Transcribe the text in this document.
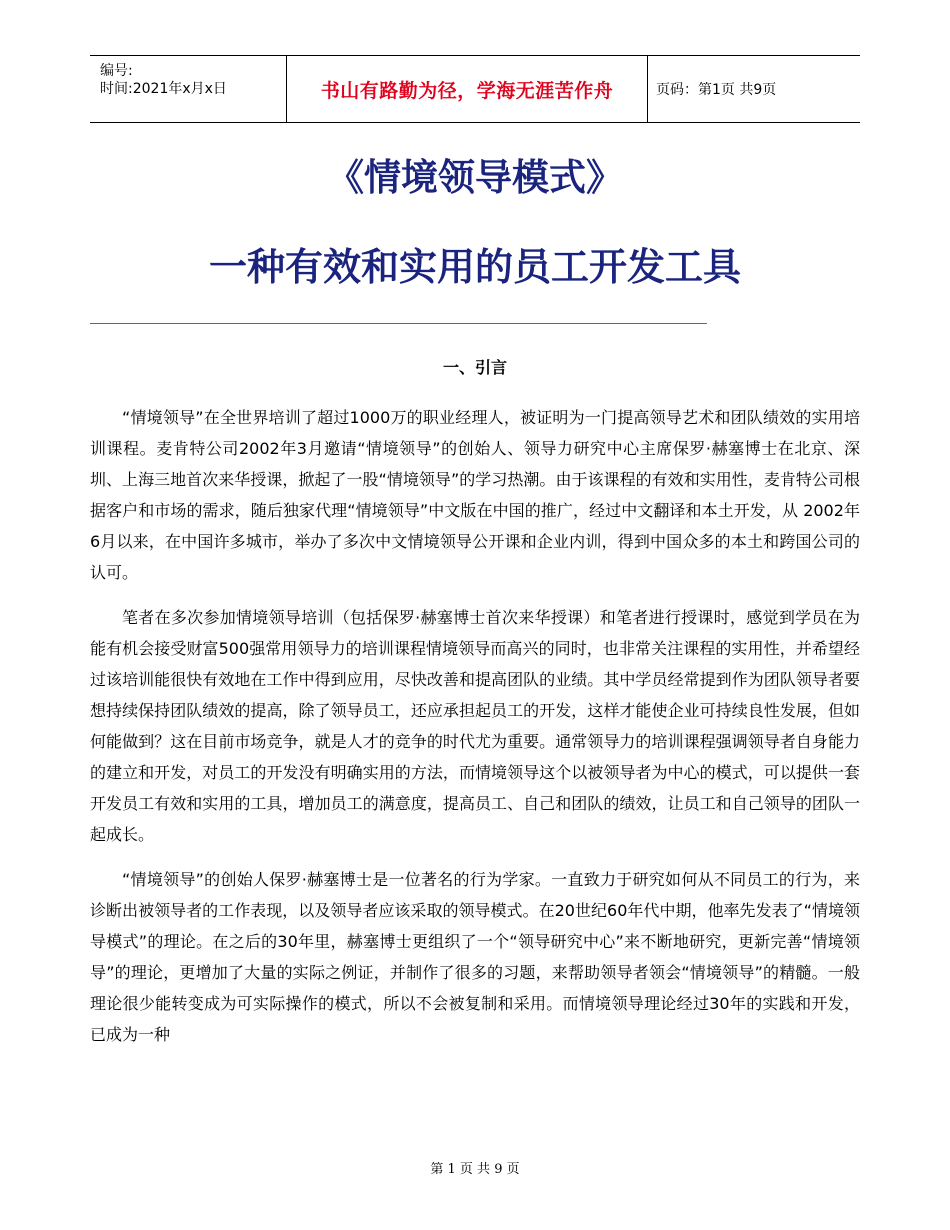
编号:
时间:2021年x月x日	书山有路勤为径，学海无涯苦作舟	页码：第1页 共9页
《情境领导模式》
一种有效和实用的员工开发工具
一、引言

“情境领导”在全世界培训了超过1000万的职业经理人，被证明为一门提高领导艺术和团队绩效的实用培训课程。麦肯特公司2002年3月邀请“情境领导”的创始人、领导力研究中心主席保罗·赫塞博士在北京、深圳、上海三地首次来华授课，掀起了一股“情境领导”的学习热潮。由于该课程的有效和实用性，麦肯特公司根据客户和市场的需求，随后独家代理“情境领导”中文版在中国的推广，经过中文翻译和本土开发，从 2002年6月以来，在中国许多城市，举办了多次中文情境领导公开课和企业内训，得到中国众多的本土和跨国公司的认可。

笔者在多次参加情境领导培训（包括保罗·赫塞博士首次来华授课）和笔者进行授课时，感觉到学员在为能有机会接受财富500强常用领导力的培训课程情境领导而高兴的同时，也非常关注课程的实用性，并希望经过该培训能很快有效地在工作中得到应用，尽快改善和提高团队的业绩。其中学员经常提到作为团队领导者要想持续保持团队绩效的提高，除了领导员工，还应承担起员工的开发，这样才能使企业可持续良性发展，但如何能做到？这在目前市场竞争，就是人才的竞争的时代尤为重要。通常领导力的培训课程强调领导者自身能力的建立和开发，对员工的开发没有明确实用的方法，而情境领导这个以被领导者为中心的模式，可以提供一套开发员工有效和实用的工具，增加员工的满意度，提高员工、自己和团队的绩效，让员工和自己领导的团队一起成长。

“情境领导”的创始人保罗·赫塞博士是一位著名的行为学家。一直致力于研究如何从不同员工的行为，来诊断出被领导者的工作表现，以及领导者应该采取的领导模式。在20世纪60年代中期，他率先发表了“情境领导模式”的理论。在之后的30年里，赫塞博士更组织了一个“领导研究中心”来不断地研究，更新完善“情境领导”的理论，更增加了大量的实际之例证，并制作了很多的习题，来帮助领导者领会“情境领导”的精髓。一般理论很少能转变成为可实际操作的模式，所以不会被复制和采用。而情境领导理论经过30年的实践和开发，已成为一种

第 1 页 共 9 页
